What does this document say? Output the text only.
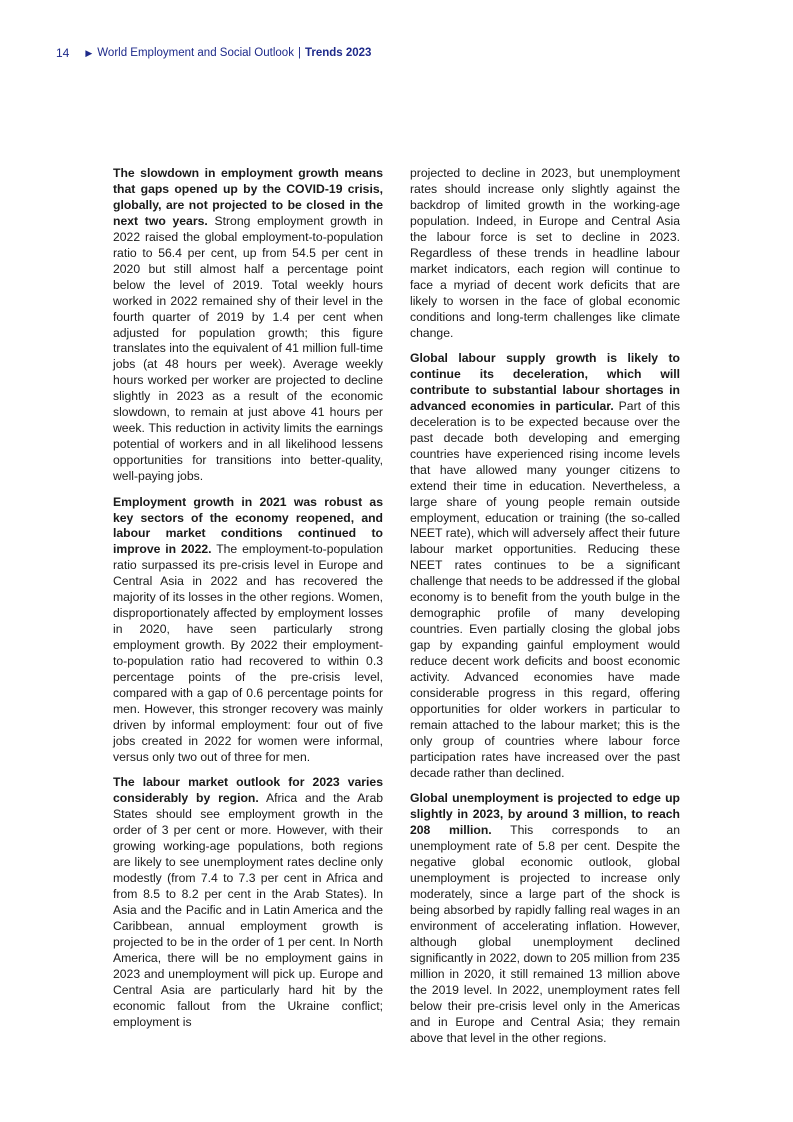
14 ▶ World Employment and Social Outlook | Trends 2023

The slowdown in employment growth means that gaps opened up by the COVID-19 crisis, globally, are not projected to be closed in the next two years. Strong employment growth in 2022 raised the global employment-to-population ratio to 56.4 per cent, up from 54.5 per cent in 2020 but still almost half a percentage point below the level of 2019. Total weekly hours worked in 2022 remained shy of their level in the fourth quarter of 2019 by 1.4 per cent when adjusted for population growth; this figure translates into the equivalent of 41 million full-time jobs (at 48 hours per week). Average weekly hours worked per worker are projected to decline slightly in 2023 as a result of the economic slowdown, to remain at just above 41 hours per week. This reduction in activity limits the earnings potential of workers and in all likelihood lessens opportunities for transitions into better-quality, well-paying jobs.

Employment growth in 2021 was robust as key sectors of the economy reopened, and labour market conditions continued to improve in 2022. The employment-to-population ratio surpassed its pre-crisis level in Europe and Central Asia in 2022 and has recovered the majority of its losses in the other regions. Women, disproportionately affected by employment losses in 2020, have seen particularly strong employment growth. By 2022 their employment-to-population ratio had recovered to within 0.3 percentage points of the pre-crisis level, compared with a gap of 0.6 percentage points for men. However, this stronger recovery was mainly driven by informal employment: four out of five jobs created in 2022 for women were informal, versus only two out of three for men.

The labour market outlook for 2023 varies considerably by region. Africa and the Arab States should see employment growth in the order of 3 per cent or more. However, with their growing working-age populations, both regions are likely to see unemployment rates decline only modestly (from 7.4 to 7.3 per cent in Africa and from 8.5 to 8.2 per cent in the Arab States). In Asia and the Pacific and in Latin America and the Caribbean, annual employment growth is projected to be in the order of 1 per cent. In North America, there will be no employment gains in 2023 and unemployment will pick up. Europe and Central Asia are particularly hard hit by the economic fallout from the Ukraine conflict; employment is

projected to decline in 2023, but unemployment rates should increase only slightly against the backdrop of limited growth in the working-age population. Indeed, in Europe and Central Asia the labour force is set to decline in 2023. Regardless of these trends in headline labour market indicators, each region will continue to face a myriad of decent work deficits that are likely to worsen in the face of global economic conditions and long-term challenges like climate change.

Global labour supply growth is likely to continue its deceleration, which will contribute to substantial labour shortages in advanced economies in particular. Part of this deceleration is to be expected because over the past decade both developing and emerging countries have experienced rising income levels that have allowed many younger citizens to extend their time in education. Nevertheless, a large share of young people remain outside employment, education or training (the so-called NEET rate), which will adversely affect their future labour market opportunities. Reducing these NEET rates continues to be a significant challenge that needs to be addressed if the global economy is to benefit from the youth bulge in the demographic profile of many developing countries. Even partially closing the global jobs gap by expanding gainful employment would reduce decent work deficits and boost economic activity. Advanced economies have made considerable progress in this regard, offering opportunities for older workers in particular to remain attached to the labour market; this is the only group of countries where labour force participation rates have increased over the past decade rather than declined.

Global unemployment is projected to edge up slightly in 2023, by around 3 million, to reach 208 million. This corresponds to an unemployment rate of 5.8 per cent. Despite the negative global economic outlook, global unemployment is projected to increase only moderately, since a large part of the shock is being absorbed by rapidly falling real wages in an environment of accelerating inflation. However, although global unemployment declined significantly in 2022, down to 205 million from 235 million in 2020, it still remained 13 million above the 2019 level. In 2022, unemployment rates fell below their pre-crisis level only in the Americas and in Europe and Central Asia; they remain above that level in the other regions.
